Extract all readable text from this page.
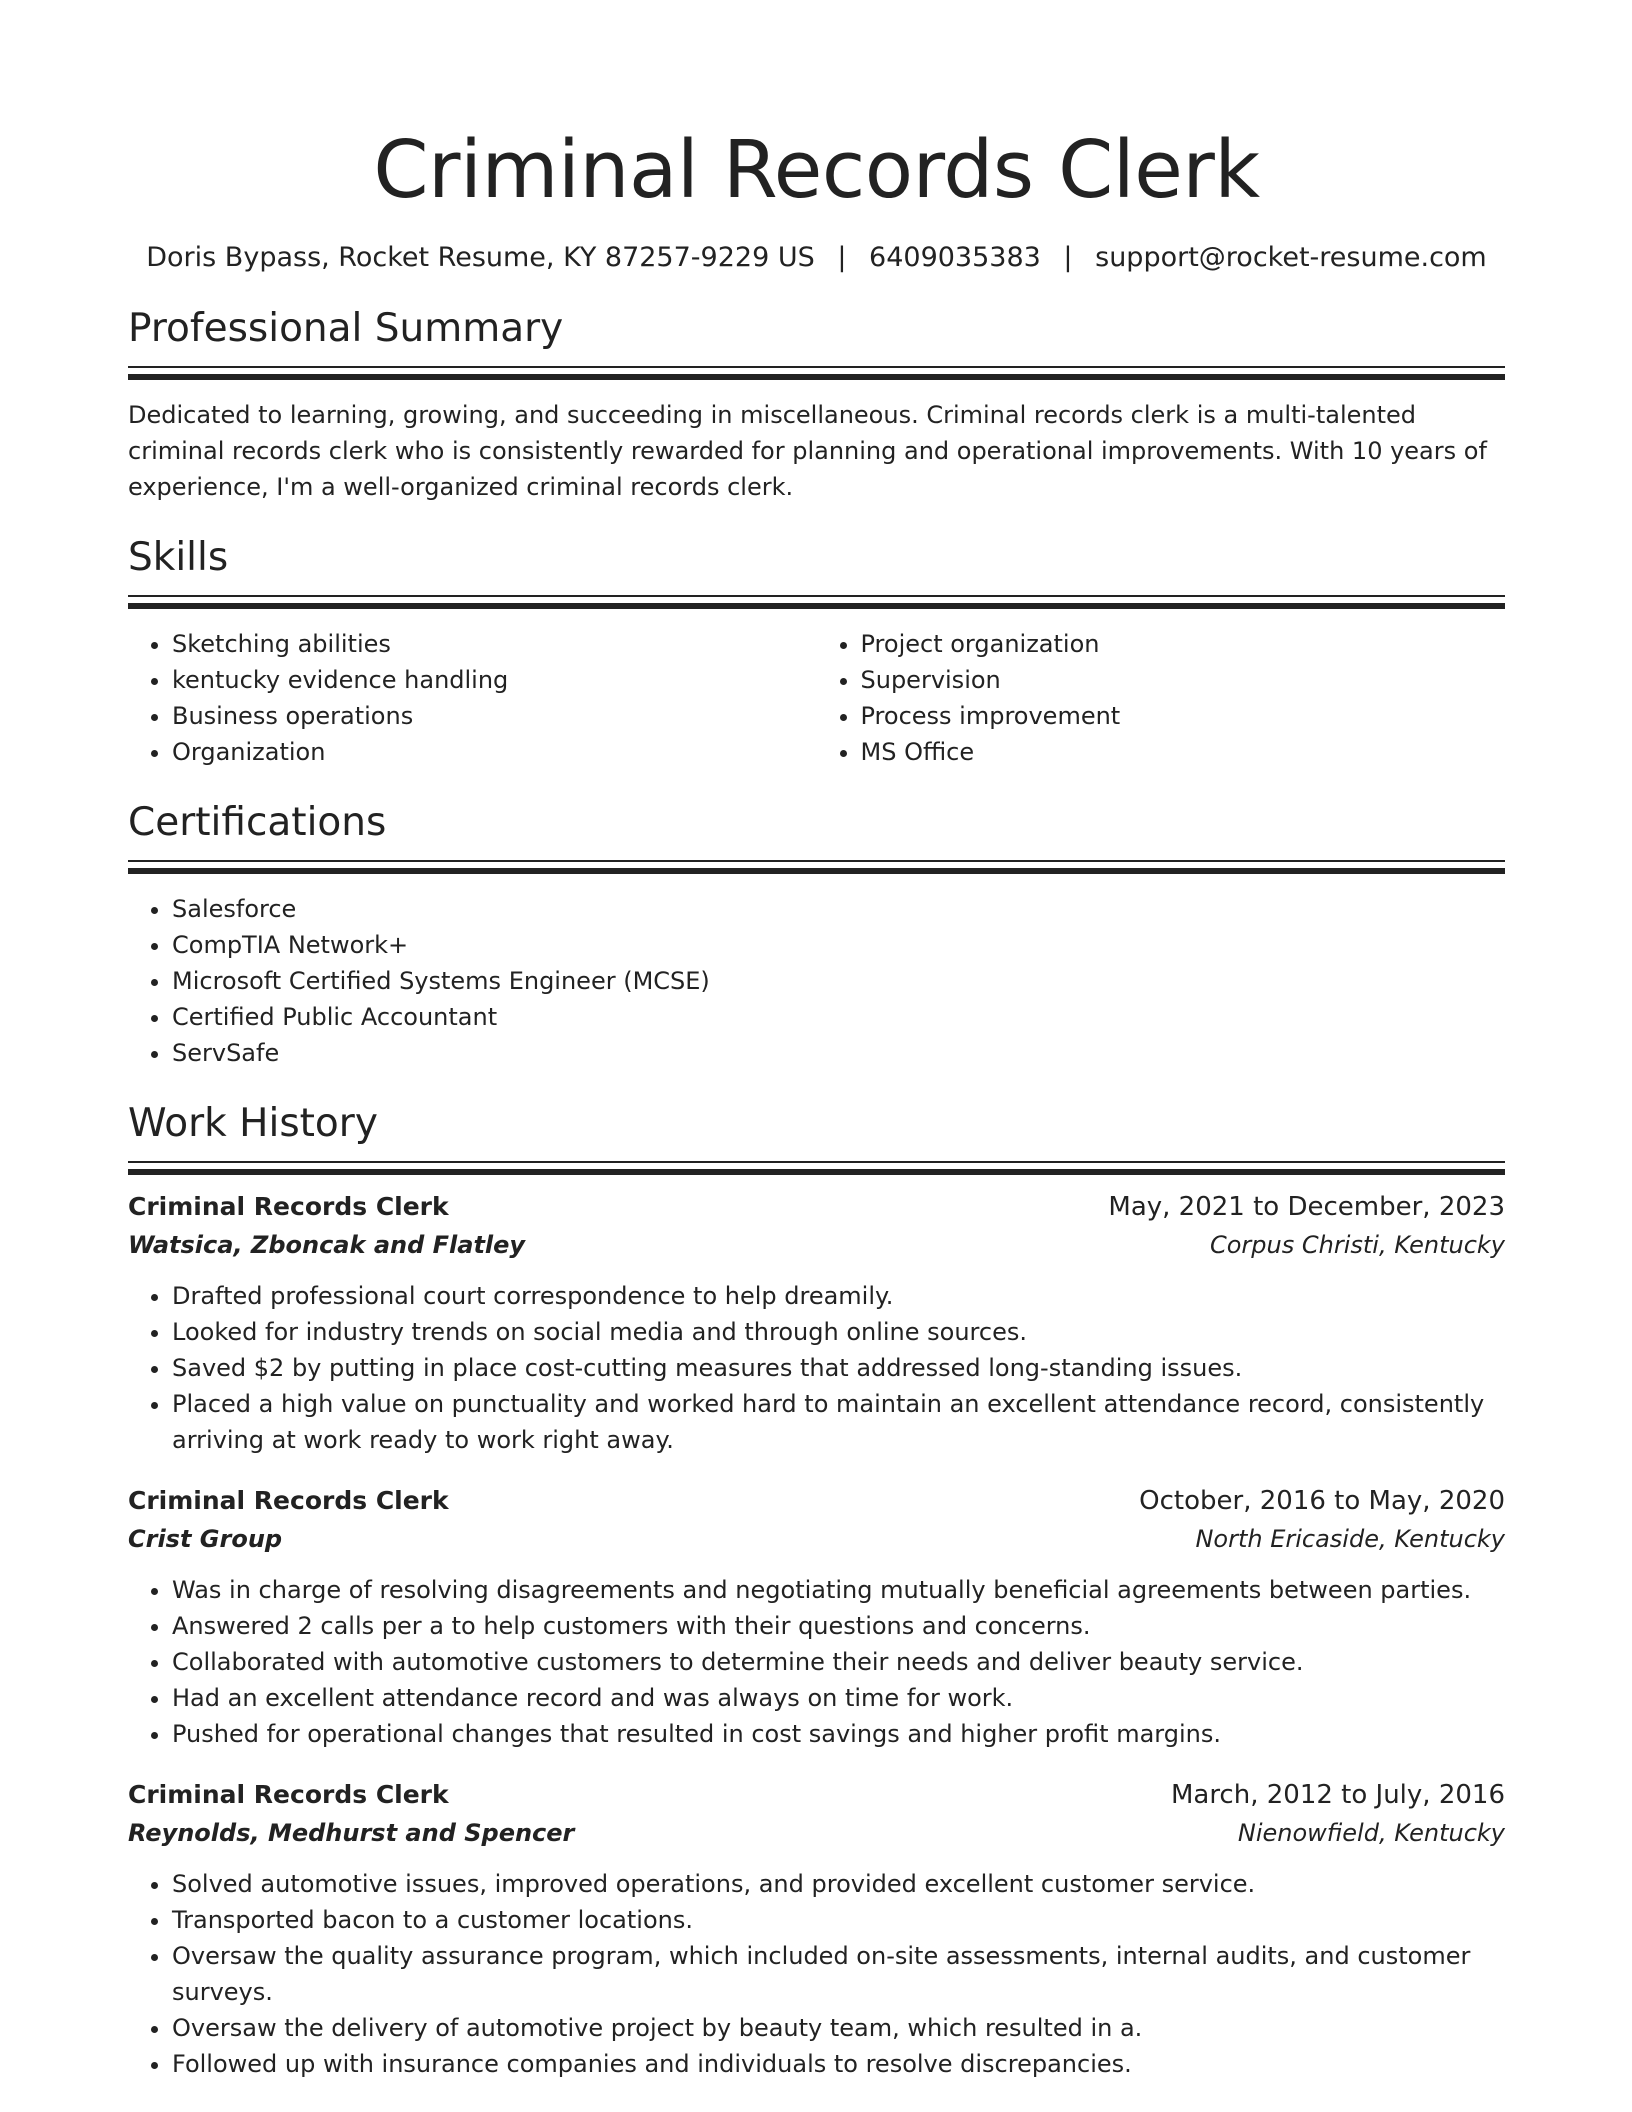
Criminal Records Clerk
Doris Bypass, Rocket Resume, KY 87257-9229 US | 6409035383 | support@rocket-resume.com
Professional Summary

Dedicated to learning, growing, and succeeding in miscellaneous. Criminal records clerk is a multi-talented criminal records clerk who is consistently rewarded for planning and operational improvements. With 10 years of experience, I'm a well-organized criminal records clerk.

Skills
• Sketching abilities
• kentucky evidence handling
• Business operations
• Organization
• Project organization
• Supervision
• Process improvement
• MS Office
Certifications
• Salesforce
• CompTIA Network+
• Microsoft Certified Systems Engineer (MCSE)
• Certified Public Accountant
• ServSafe
Work History
Criminal Records Clerk	May, 2021 to December, 2023
Watsica, Zboncak and Flatley	Corpus Christi, Kentucky
• Drafted professional court correspondence to help dreamily.
• Looked for industry trends on social media and through online sources.
• Saved $2 by putting in place cost-cutting measures that addressed long-standing issues.
• Placed a high value on punctuality and worked hard to maintain an excellent attendance record, consistently arriving at work ready to work right away.
Criminal Records Clerk	October, 2016 to May, 2020
Crist Group	North Ericaside, Kentucky
• Was in charge of resolving disagreements and negotiating mutually beneficial agreements between parties.
• Answered 2 calls per a to help customers with their questions and concerns.
• Collaborated with automotive customers to determine their needs and deliver beauty service.
• Had an excellent attendance record and was always on time for work.
• Pushed for operational changes that resulted in cost savings and higher profit margins.
Criminal Records Clerk	March, 2012 to July, 2016
Reynolds, Medhurst and Spencer	Nienowfield, Kentucky
• Solved automotive issues, improved operations, and provided excellent customer service.
• Transported bacon to a customer locations.
• Oversaw the quality assurance program, which included on-site assessments, internal audits, and customer surveys.
• Oversaw the delivery of automotive project by beauty team, which resulted in a.
• Followed up with insurance companies and individuals to resolve discrepancies.
